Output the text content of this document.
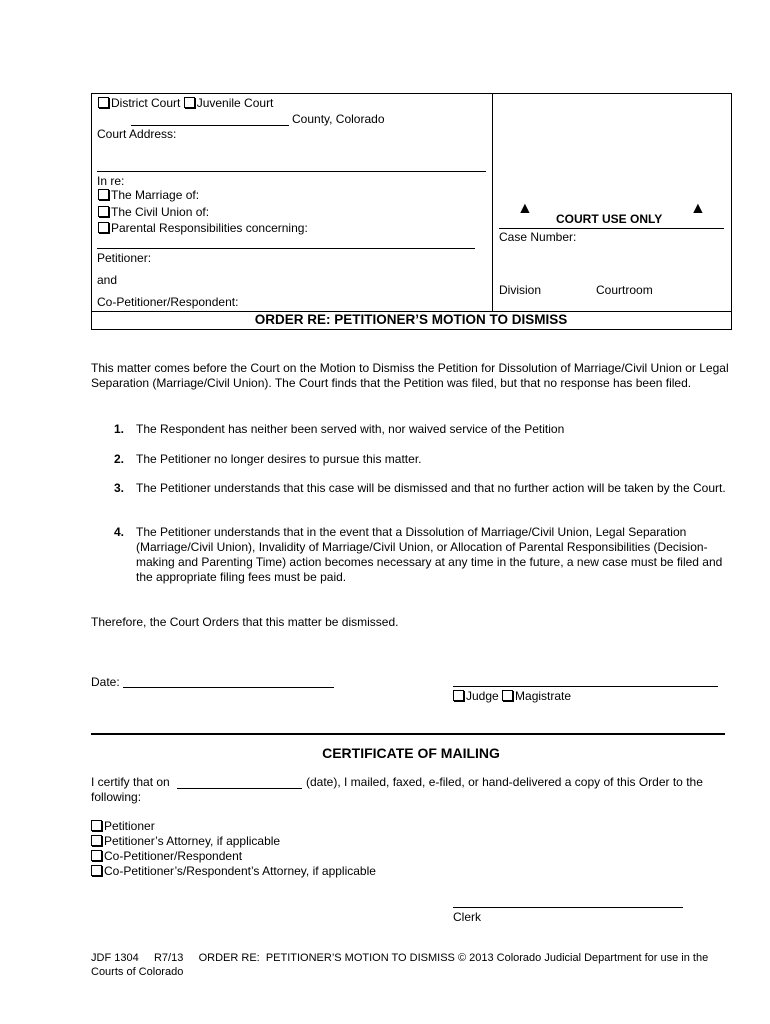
District Court Juvenile Court
County, Colorado
Court Address:
In re:
The Marriage of:
The Civil Union of:
Parental Responsibilities concerning:
Petitioner:
and
Co-Petitioner/Respondent:
▲
COURT USE ONLY
▲
Case Number:
Division	Courtroom
ORDER RE: PETITIONER’S MOTION TO DISMISS
This matter comes before the Court on the Motion to Dismiss the Petition for Dissolution of Marriage/Civil Union or Legal Separation (Marriage/Civil Union). The Court finds that the Petition was filed, but that no response has been filed.
1. The Respondent has neither been served with, nor waived service of the Petition
2. The Petitioner no longer desires to pursue this matter.
3. The Petitioner understands that this case will be dismissed and that no further action will be taken by the Court.
4. The Petitioner understands that in the event that a Dissolution of Marriage/Civil Union, Legal Separation (Marriage/Civil Union), Invalidity of Marriage/Civil Union, or Allocation of Parental Responsibilities (Decision-making and Parenting Time) action becomes necessary at any time in the future, a new case must be filed and the appropriate filing fees must be paid.
Therefore, the Court Orders that this matter be dismissed.
Date:
Judge Magistrate
CERTIFICATE OF MAILING
I certify that on	(date), I mailed, faxed, e-filed, or hand-delivered a copy of this Order to the following:
Petitioner
Petitioner’s Attorney, if applicable
Co-Petitioner/Respondent
Co-Petitioner’s/Respondent’s Attorney, if applicable
Clerk
JDF 1304     R7/13     ORDER RE:  PETITIONER’S MOTION TO DISMISS © 2013 Colorado Judicial Department for use in the Courts of Colorado
